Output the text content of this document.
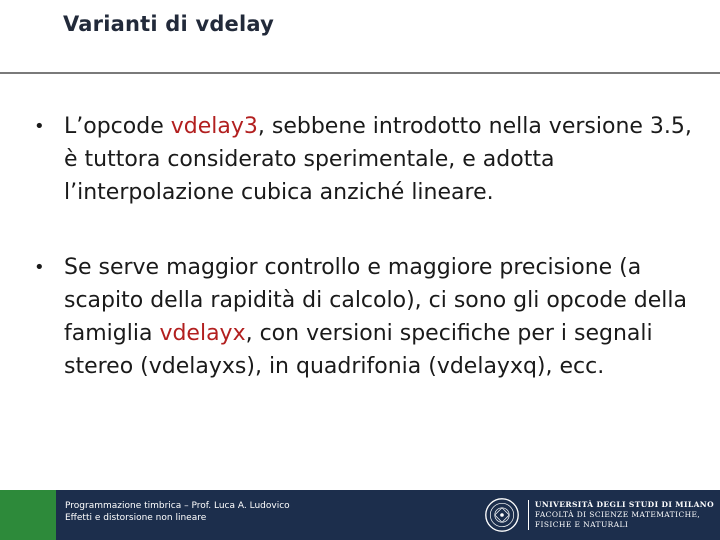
Varianti di vdelay
• L’opcode vdelay3, sebbene introdotto nella versione 3.5, è tuttora considerato sperimentale, e adotta l’interpolazione cubica anziché lineare.
• Se serve maggior controllo e maggiore precisione (a scapito della rapidità di calcolo), ci sono gli opcode della famiglia vdelayx, con versioni specifiche per i segnali stereo (vdelayxs), in quadrifonia (vdelayxq), ecc.
Programmazione timbrica – Prof. Luca A. Ludovico
Effetti e distorsione non lineare
UNIVERSITÀ DEGLI STUDI DI MILANO
FACOLTÀ DI SCIENZE MATEMATICHE,
FISICHE E NATURALI
